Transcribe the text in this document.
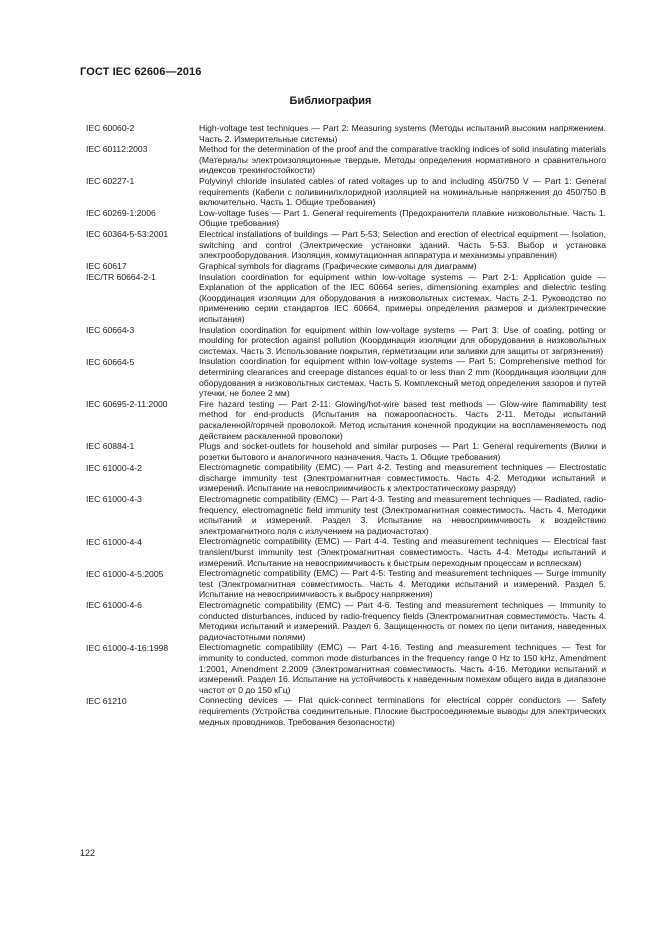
ГОСТ IEC 62606—2016
Библиография
IEC 60060-2	High-voltage test techniques — Part 2: Measuring systems (Методы испытаний высоким напряжением. Часть 2. Измерительные системы)
IEC 60112:2003	Method for the determination of the proof and the comparative tracking indices of solid insulating materials (Материалы электроизоляционные твердые. Методы определения нормативного и сравнительного индексов трекингостойкости)
IEC 60227-1	Polyvinyl chloride insulated cables of rated voltages up to and including 450/750 V — Part 1: General requirements (Кабели с поливинилхлоридной изоляцией на номинальные напряжения до 450/750 В включительно. Часть 1. Общие требования)
IEC 60269-1:2006	Low-voltage fuses — Part 1. General requirements (Предохранители плавкие низковольтные. Часть 1. Общие требования)
IEC 60364-5-53:2001	Electrical installations of buildings — Part 5-53; Selection and erection of electrical equipment — Isolation, switching and control (Электрические установки зданий. Часть 5-53. Выбор и установка электрооборудования. Изоляция, коммутационная аппаратура и механизмы управления)
IEC 60617	Graphical symbols for diagrams (Графические символы для диаграмм)
IEC/TR 60664-2-1	Insulation coordination for equipment within low-voltage systems — Part 2-1: Application guide — Explanation of the application of the IEC 60664 series, dimensioning examples and dielectric testing (Координация изоляции для оборудования в низковольтных системах. Часть 2-1. Руководство по применению серии стандартов IEC 60664, примеры определения размеров и диэлектрические испытания)
IEC 60664-3	Insulation coordination for equipment within low-voltage systems — Part 3: Use of coating, potting or moulding for protection against pollution (Координация изоляции для оборудования в низковольтных системах. Часть 3. Использование покрытия, герметизации или заливки для защиты от загрязнения)
IEC 60664-5	Insulation coordination for equipment within low-voltage systems — Part 5: Comprehensive method for determining clearances and creepage distances equal to or less than 2 mm (Координация изоляции для оборудования в низковольтных системах. Часть 5. Комплексный метод определения зазоров и путей утечки, не более 2 мм)
IEC 60695-2-11:2000	Fire hazard testing — Part 2-11: Glowing/hot-wire based test methods — Glow-wire flammability test method for end-products (Испытания на пожароопасность. Часть 2-11. Методы испытаний раскаленной/горячей проволокой. Метод испытания конечной продукции на воспламеняемость под действием раскаленной проволоки)
IEC 60884-1	Plugs and socket-outlets for household and similar purposes — Part 1: General requirements (Вилки и розетки бытового и аналогичного назначения. Часть 1. Общие требования)
IEC 61000-4-2	Electromagnetic compatibility (EMC) — Part 4-2. Testing and measurement techniques — Electrostatic discharge immunity test (Электромагнитная совместимость. Часть 4-2. Методики испытаний и измерений. Испытание на невосприимчивость к электростатическому разряду)
IEC 61000-4-3	Electromagnetic compatibility (EMC) — Part 4-3. Testing and measurement techniques — Radiated, radio-frequency, electromagnetic field immunity test (Электромагнитная совместимость. Часть 4. Методики испытаний и измерений. Раздел 3. Испытание на невосприимчивость к воздействию электромагнитного поля с излучением на радиочастотах)
IEC 61000-4-4	Electromagnetic compatibility (EMC) — Part 4-4. Testing and measurement techniques — Electrical fast transient/burst immunity test (Электромагнитная совместимость. Часть 4-4. Методы испытаний и измерений. Испытание на невосприимчивость к быстрым переходным процессам и всплескам)
IEC 61000-4-5:2005	Electromagnetic compatibility (EMC) — Part 4-5: Testing and measurement techniques — Surge immunity test (Электромагнитная совместимость. Часть 4. Методики испытаний и измерений. Раздел 5. Испытание на невосприимчивость к выбросу напряжения)
IEC 61000-4-6	Electromagnetic compatibility (EMC) — Part 4-6. Testing and measurement techniques — Immunity to conducted disturbances, induced by radio-frequency fields (Электромагнитная совместимость. Часть 4. Методики испытаний и измерений. Раздел 6. Защищенность от помех по цепи питания, наведенных радиочастотными полями)
IEC 61000-4-16:1998	Electromagnetic compatibility (EMC) — Part 4-16. Testing and measurement techniques — Test for immunity to conducted, common mode disturbances in the frequency range 0 Hz to 150 kHz, Amendment 1:2001, Amendment 2.2009 (Электромагнитная совместимость. Часть 4-16. Методики испытаний и измерений. Раздел 16. Испытание на устойчивость к наведенным помехам общего вида в диапазоне частот от 0 до 150 кГц)
IEC 61210	Connecting devices — Flat quick-connect terminations for electrical copper conductors — Safety requirements (Устройства соединительные. Плоские быстросоединяемые выводы для электрических медных проводников. Требования безопасности)
122
